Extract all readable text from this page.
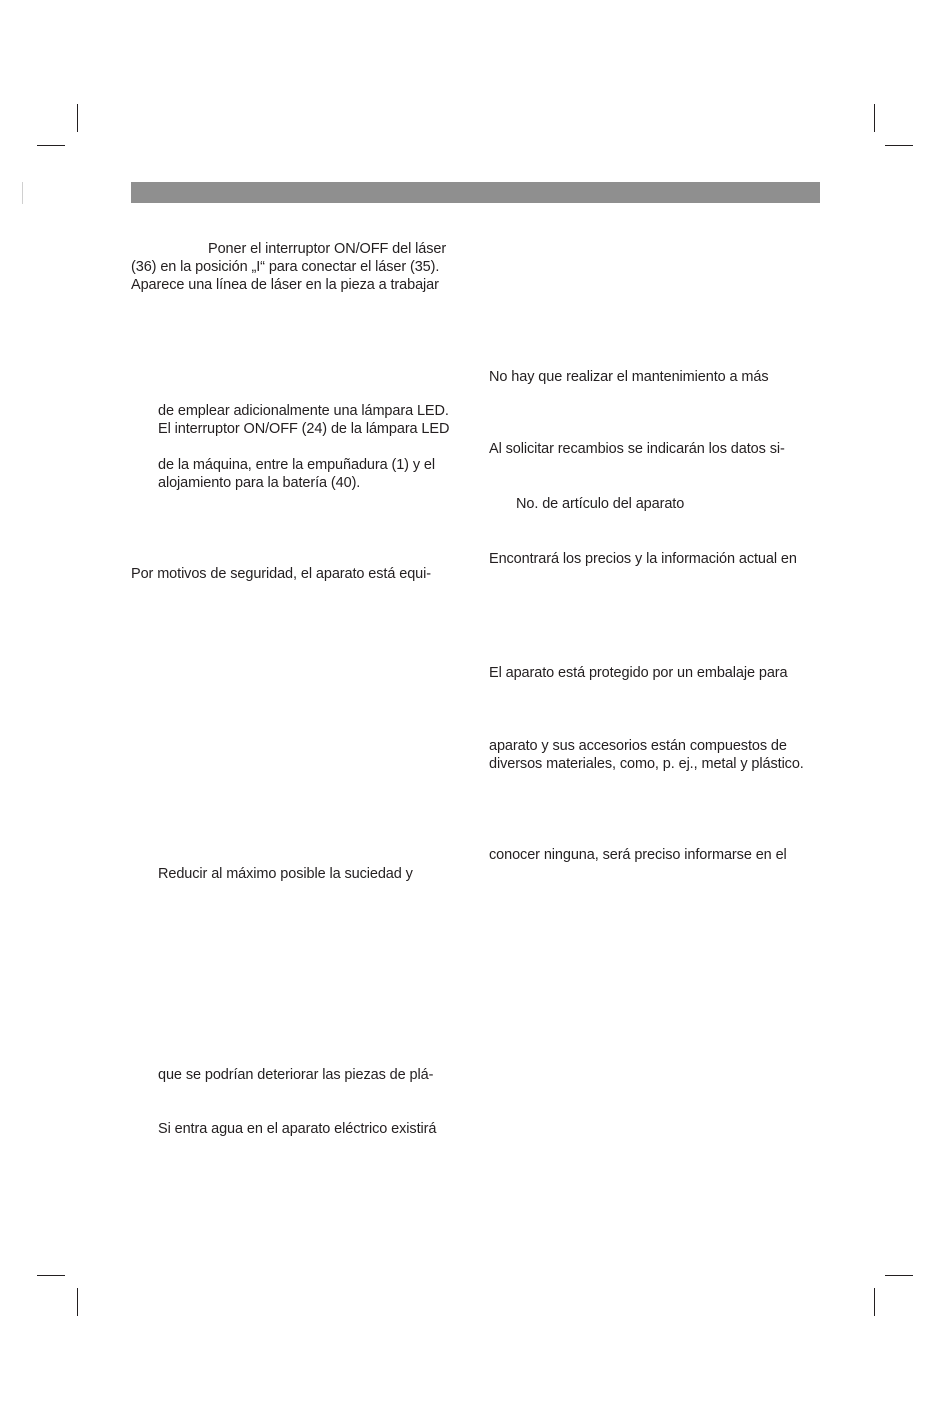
Poner el interruptor ON/OFF del láser
(36) en la posición „I“ para conectar el láser (35).
Aparece una línea de láser en la pieza a trabajar
de emplear adicionalmente una lámpara LED.
El interruptor ON/OFF (24) de la lámpara LED
de la máquina, entre la empuñadura (1) y el
alojamiento para la batería (40).
Por motivos de seguridad, el aparato está equi-
Reducir al máximo posible la suciedad y
que se podrían deteriorar las piezas de plá-
Si entra agua en el aparato eléctrico existirá
No hay que realizar el mantenimiento a más
Al solicitar recambios se indicarán los datos si-
No. de artículo del aparato
Encontrará los precios y la información actual en
El aparato está protegido por un embalaje para
aparato y sus accesorios están compuestos de
diversos materiales, como, p. ej., metal y plástico.
conocer ninguna, será preciso informarse en el
